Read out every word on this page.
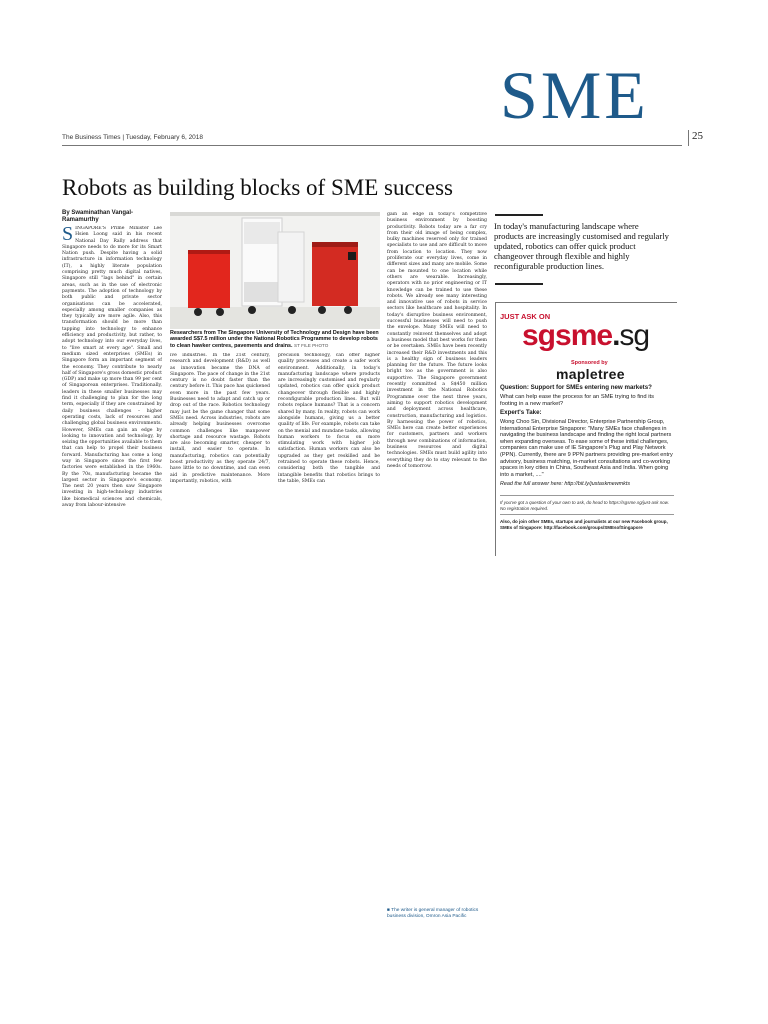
SME
The Business Times | Tuesday, February 6, 2018	25
Robots as building blocks of SME success
By Swaminathan Vangal-Ramamurthy
SINGAPORE'S Prime Minister Lee Hsien Loong said in his recent National Day Rally address that Singapore needs to do more for its Smart Nation push. Despite having a solid infrastructure in information technology (IT), a highly literate population comprising pretty much digital natives, Singapore still "lags behind" in certain areas, such as in the use of electronic payments. The adoption of technology by both public and private sector organisations can be accelerated, especially among smaller companies as they typically are more agile. Also, this transformation should be more than tapping into technology to enhance efficiency and productivity, but rather, to adopt technology into our everyday lives, to "live smart at every age". Small and medium sized enterprises (SMEs) in Singapore form an important segment of the economy. They contribute to nearly half of Singapore's gross domestic product (GDP) and make up more than 99 per cent of Singaporean enterprises. Traditionally, leaders in these smaller businesses may find it challenging to plan for the long term, especially if they are constrained by daily business challenges – higher operating costs, lack of resources and challenging global business environments. However, SMEs can gain an edge by looking to innovation and technology, by seizing the opportunities available to them that can help to propel their business forward. Manufacturing has come a long way in Singapore since the first few factories were established in the 1960s. By the 70s, manufacturing became the largest sector in Singapore's economy. The next 20 years then saw Singapore investing in high-technology industries like biomedical sciences and chemicals, away from labour-intensive
Researchers from The Singapore University of Technology and Design have been awarded S$7.5 million under the National Robotics Programme to develop robots to clean hawker centres, pavements and drains. ST FILE PHOTO
ive industries. In the 21st century, research and development (R&D) as well as innovation became the DNA of Singapore. The pace of change in the 21st century is no doubt faster than the century before it. This pace has quickened even more in the past few years. Businesses need to adapt and catch up or drop out of the race. Robotics technology may just be the game changer that some SMEs need. Across industries, robots are already helping businesses overcome common challenges like manpower shortage and resource wastage. Robots are also becoming smarter, cheaper to install, and easier to operate. In manufacturing, robotics can potentially boost productivity as they operate 24/7, have little to no downtime, and can even aid in predictive maintenance. More importantly, robotics, with
precision technology, can offer higher quality processes and create a safer work environment. Additionally, in today's manufacturing landscape where products are increasingly customised and regularly updated, robotics can offer quick product changeover through flexible and highly reconfigurable production lines. But will robots replace humans? That is a concern shared by many. In reality, robots can work alongside humans, giving us a better quality of life. For example, robots can take on the menial and mundane tasks, allowing human workers to focus on more stimulating work with higher job satisfaction. Human workers can also be upgraded as they get reskilled and be retrained to operate these robots. Hence, considering both the tangible and intangible benefits that robotics brings to the table, SMEs can
gain an edge in today's competitive business environment by boosting productivity. Robots today are a far cry from their old image of being complex, bulky machines reserved only for trained specialists to use and are difficult to move from location to location. They now proliferate our everyday lives, come in different sizes and many are mobile. Some can be mounted to one location while others are wearable. Increasingly, operators with no prior engineering or IT knowledge can be trained to use these robots. We already see many interesting and innovative use of robots in service sectors like healthcare and hospitality. In today's disruptive business environment, successful businesses will need to push the envelope. Many SMEs will need to constantly reinvent themselves and adopt a business model that best works for them or be overtaken. SMEs have been recently increased their R&D investments and this is a healthy sign of business leaders planning for the future. The future looks bright too as the government is also supportive. The Singapore government recently committed a S$450 million investment in the National Robotics Programme over the next three years, aiming to support robotics development and deployment across healthcare, construction, manufacturing and logistics. By harnessing the power of robotics, SMEs here can create better experiences for customers, partners and workers through new combinations of information, business resources and digital technologies. SMEs must build agility into everything they do to stay relevant to the needs of tomorrow.
■ The writer is general manager of robotics business division, Omron Asia Pacific
In today's manufacturing landscape where products are increasingly customised and regularly updated, robotics can offer quick product changeover through flexible and highly reconfigurable production lines.
JUST ASK ON
sgsme.sg
Sponsored by
mapletree
Question: Support for SMEs entering new markets?
What can help ease the process for an SME trying to find its footing in a new market?
Expert's Take:
Wong Choo Sin, Divisional Director, Enterprise Partnership Group, International Enterprise Singapore: "Many SMEs face challenges in navigating the business landscape and finding the right local partners when expanding overseas. To ease some of these initial challenges, companies can make use of IE Singapore's Plug and Play Network (PPN). Currently, there are 9 PPN partners providing pre-market entry advisory, business matching, in-market consultations and co-working spaces in key cities in China, Southeast Asia and India. When going into a market, ...."
Read the full answer here: http://bit.ly/justaskmewmkts
If you've got a question of your own to ask, do head to https://sgsme.sg/just-ask now. No registration required.
Also, do join other SMEs, startups and journalists at our new Facebook group, SMEs of Singapore: http://facebook.com/groups/SMEsofSingapore
